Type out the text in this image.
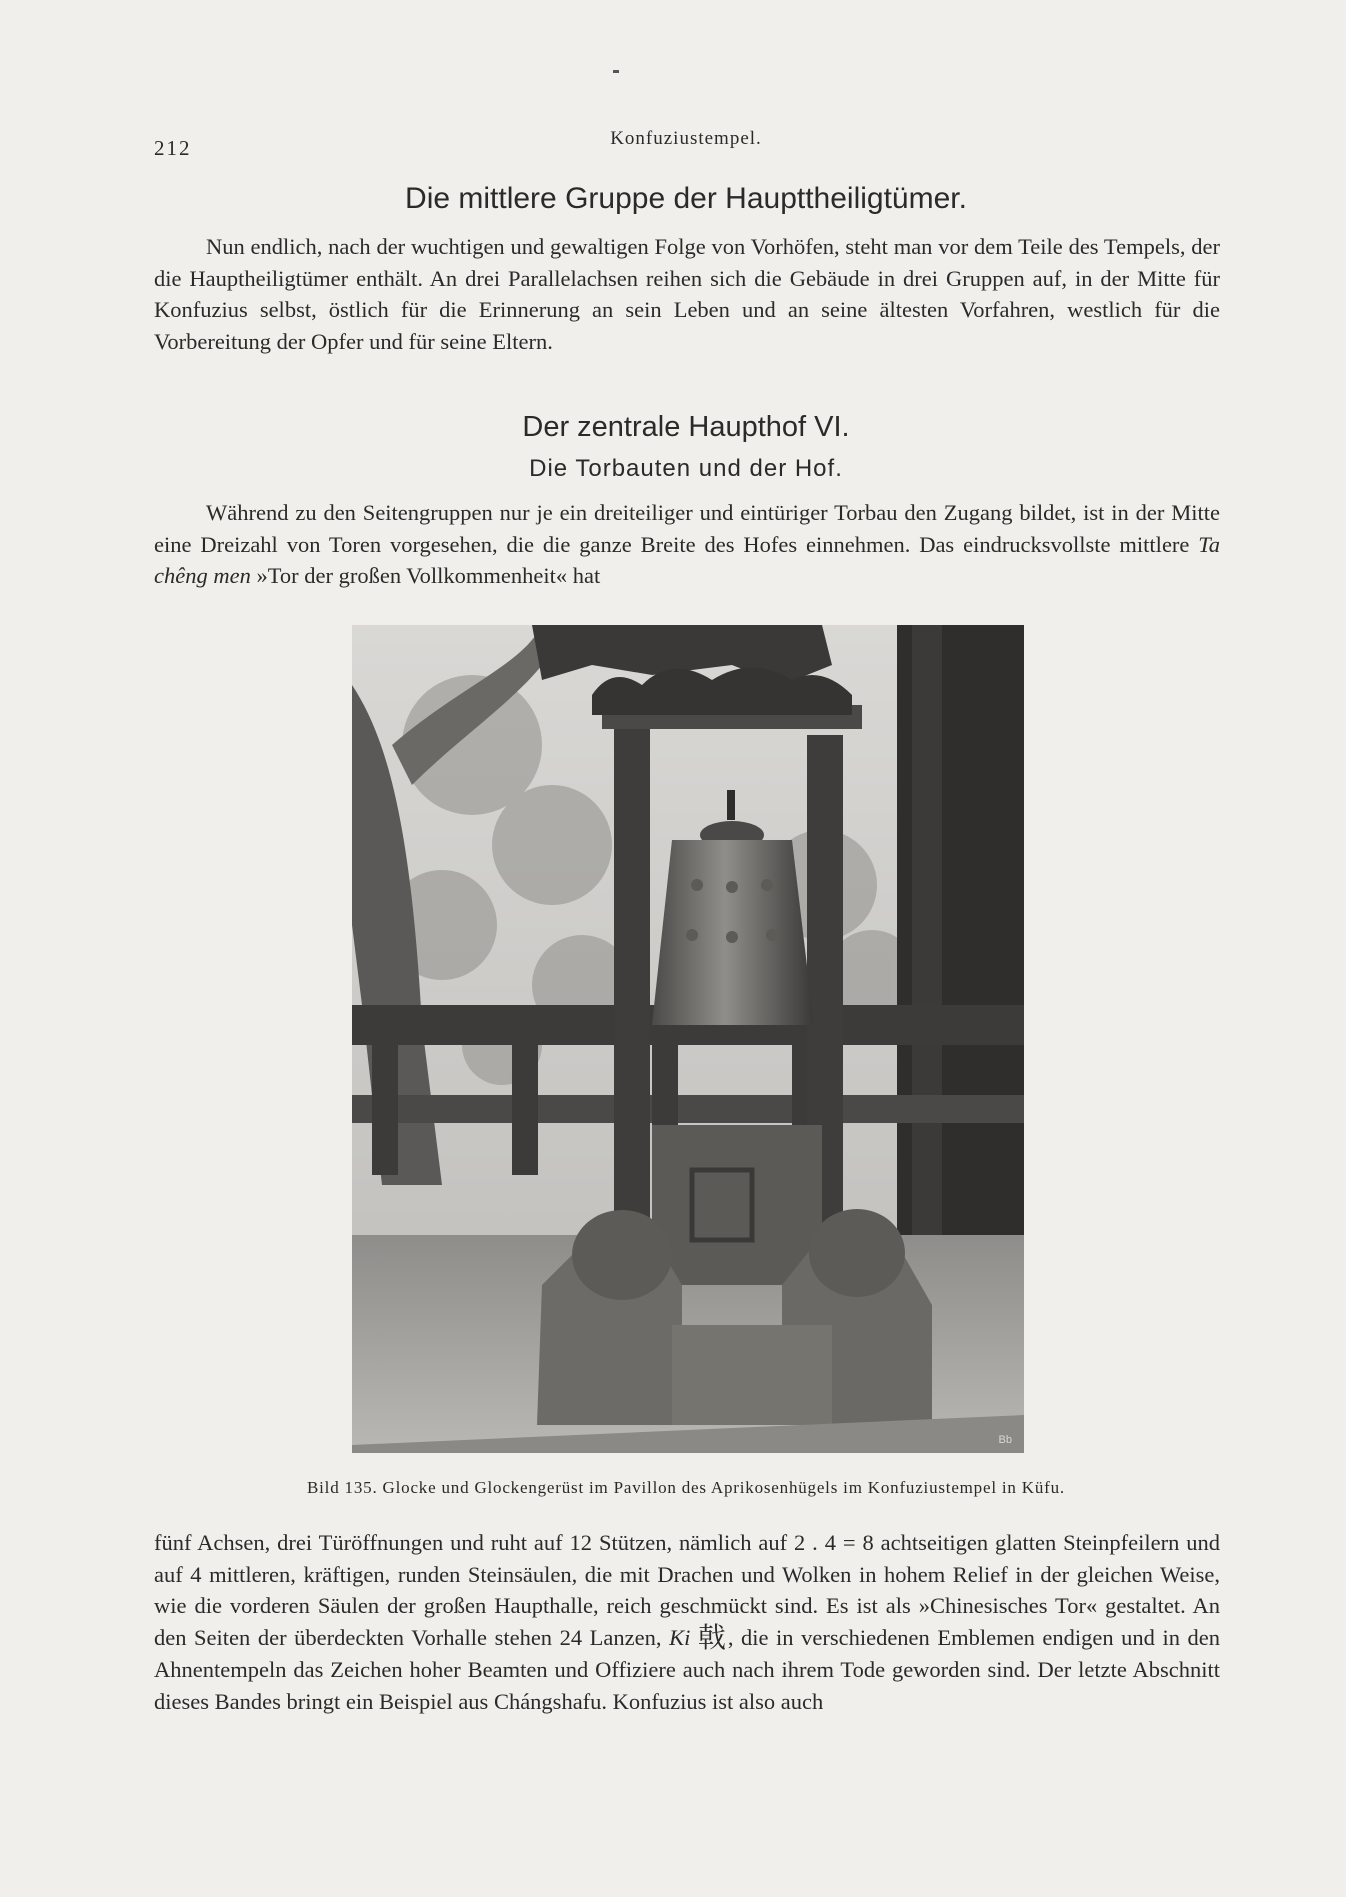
212	Konfuziustempel.
Die mittlere Gruppe der Haupttheiligtümer.

Nun endlich, nach der wuchtigen und gewaltigen Folge von Vorhöfen, steht man vor dem Teile des Tempels, der die Hauptheiligtümer enthält. An drei Parallelachsen reihen sich die Gebäude in drei Gruppen auf, in der Mitte für Konfuzius selbst, östlich für die Erinnerung an sein Leben und an seine ältesten Vorfahren, westlich für die Vorbereitung der Opfer und für seine Eltern.

Der zentrale Haupthof VI.
Die Torbauten und der Hof.

Während zu den Seitengruppen nur je ein dreiteiliger und eintüriger Torbau den Zugang bildet, ist in der Mitte eine Dreizahl von Toren vorgesehen, die die ganze Breite des Hofes einnehmen. Das eindrucksvollste mittlere Ta chêng men »Tor der großen Vollkommenheit« hat

Bb
Bild 135. Glocke und Glockengerüst im Pavillon des Aprikosenhügels im Konfuziustempel in Küfu.

fünf Achsen, drei Türöffnungen und ruht auf 12 Stützen, nämlich auf 2 . 4 = 8 achtseitigen glatten Steinpfeilern und auf 4 mittleren, kräftigen, runden Steinsäulen, die mit Drachen und Wolken in hohem Relief in der gleichen Weise, wie die vorderen Säulen der großen Haupthalle, reich geschmückt sind. Es ist als »Chinesisches Tor« gestaltet. An den Seiten der überdeckten Vorhalle stehen 24 Lanzen, Ki 戟, die in verschiedenen Emblemen endigen und in den Ahnentempeln das Zeichen hoher Beamten und Offiziere auch nach ihrem Tode geworden sind. Der letzte Abschnitt dieses Bandes bringt ein Beispiel aus Chángshafu. Konfuzius ist also auch
